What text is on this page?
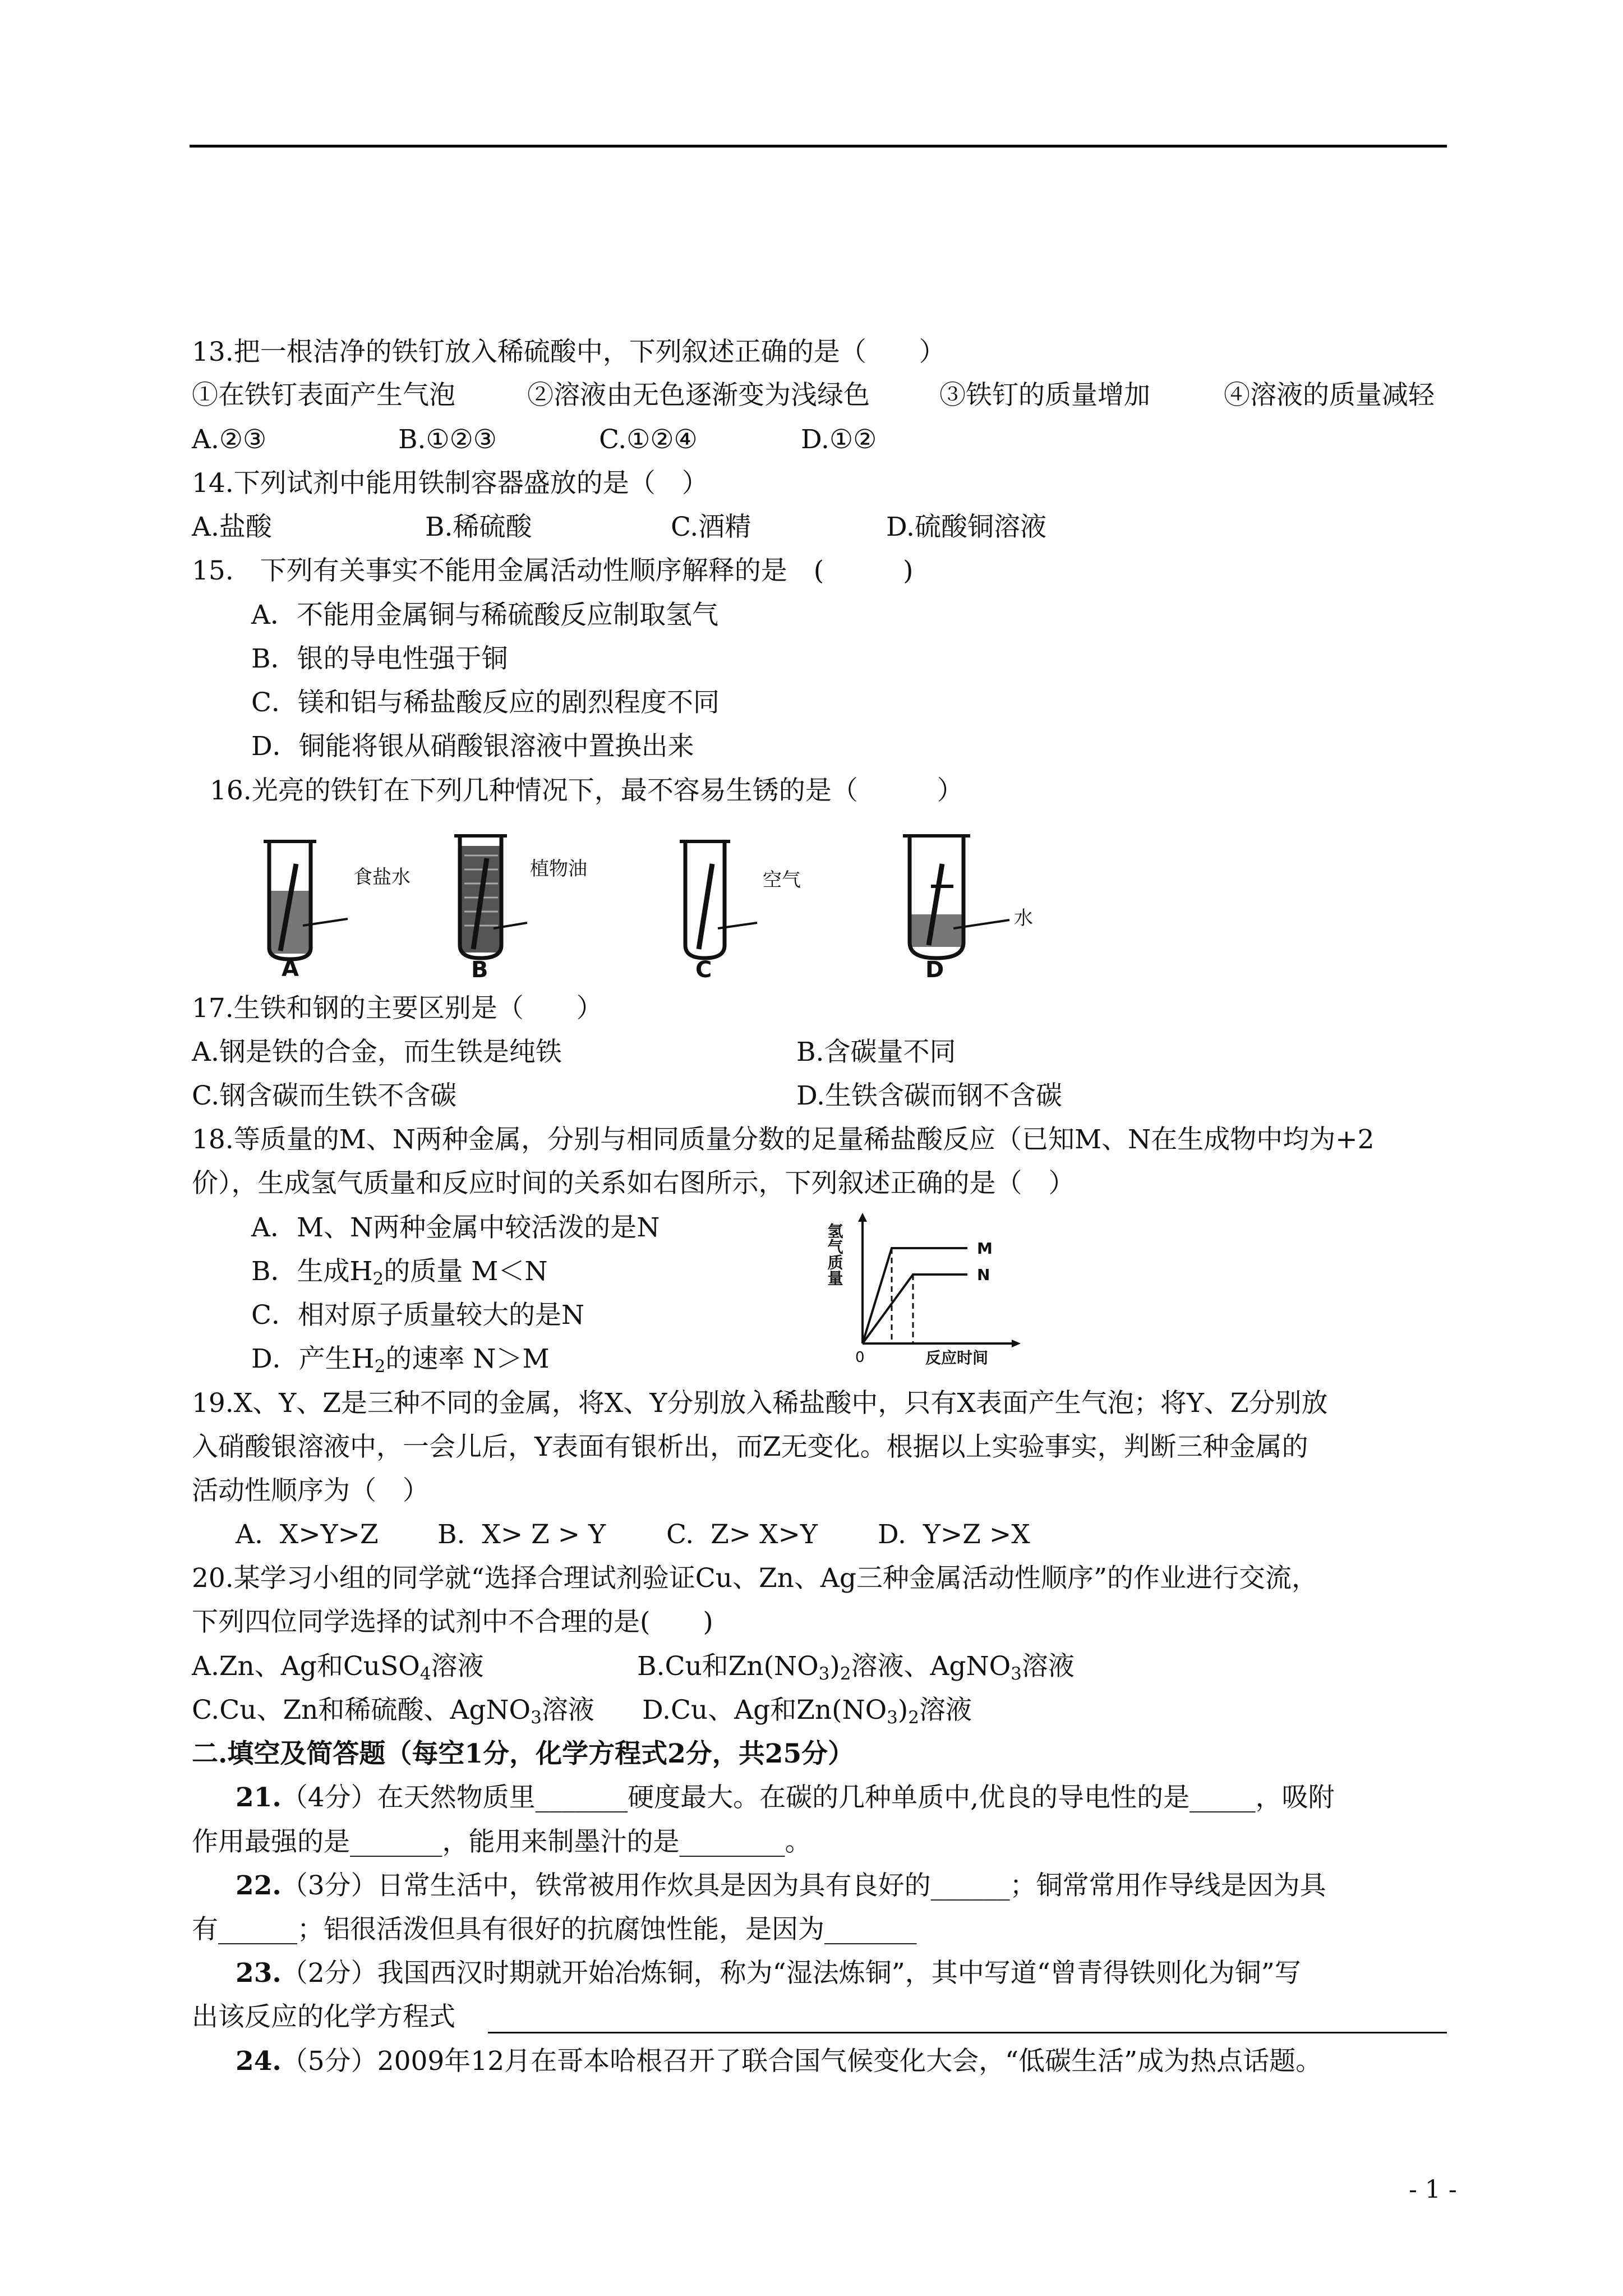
13.把一根洁净的铁钉放入稀硫酸中，下列叙述正确的是（　　）
①在铁钉表面产生气泡	②溶液由无色逐渐变为浅绿色	③铁钉的质量增加	④溶液的质量减轻
A.②③	B.①②③	C.①②④	D.①②
14.下列试剂中能用铁制容器盛放的是（　）
A.盐酸	B.稀硫酸	C.酒精	D.硫酸铜溶液
15.　下列有关事实不能用金属活动性顺序解释的是　(　　　)
A．不能用金属铜与稀硫酸反应制取氢气
B．银的导电性强于铜
C．镁和铝与稀盐酸反应的剧烈程度不同
D．铜能将银从硝酸银溶液中置换出来
16.光亮的铁钉在下列几种情况下，最不容易生锈的是（　　　）
食盐水
A
植物油
B
空气
C
水
D
17.生铁和钢的主要区别是（　　）
A.钢是铁的合金，而生铁是纯铁	B.含碳量不同
C.钢含碳而生铁不含碳	D.生铁含碳而钢不含碳
18.等质量的M、N两种金属，分别与相同质量分数的足量稀盐酸反应（已知M、N在生成物中均为+2
价），生成氢气质量和反应时间的关系如右图所示，下列叙述正确的是（　）
A．M、N两种金属中较活泼的是N
B．生成$H_2$的质量 M＜N
C．相对原子质量较大的是N
D．产生$H_2$的速率 N＞M
M
N
0	反应时间
氢气质量
19.X、Y、Z是三种不同的金属，将X、Y分别放入稀盐酸中，只有X表面产生气泡；将Y、Z分别放
入硝酸银溶液中，一会儿后，Y表面有银析出，而Z无变化。根据以上实验事实，判断三种金属的
活动性顺序为（　）
A.  X>Y>Z B.  X> Z > Y C.  Z> X>Y D.  Y>Z >X
20.某学习小组的同学就“选择合理试剂验证Cu、Zn、Ag三种金属活动性顺序”的作业进行交流，
下列四位同学选择的试剂中不合理的是(　　)
A.Zn、Ag和CuSO$_4$溶液	B.Cu和$Zn(NO_3)_2$溶液、AgNO$_3$溶液
C.Cu、Zn和稀硫酸、AgNO$_3$溶液 D.Cu、Ag和$Zn(NO_3)_2$溶液
二.填空及简答题（每空1分，化学方程式2分，共25分）
21.（4分）在天然物质里_______硬度最大。在碳的几种单质中,优良的导电性的是_____，吸附
作用最强的是_______，能用来制墨汁的是________。
22.（3分）日常生活中，铁常被用作炊具是因为具有良好的______；铜常常用作导线是因为具
有______；铝很活泼但具有很好的抗腐蚀性能，是因为_______
23.（2分）我国西汉时期就开始冶炼铜，称为“湿法炼铜”，其中写道“曾青得铁则化为铜”写
出该反应的化学方程式
24.（5分）2009年12月在哥本哈根召开了联合国气候变化大会，“低碳生活”成为热点话题。
- 1 -
